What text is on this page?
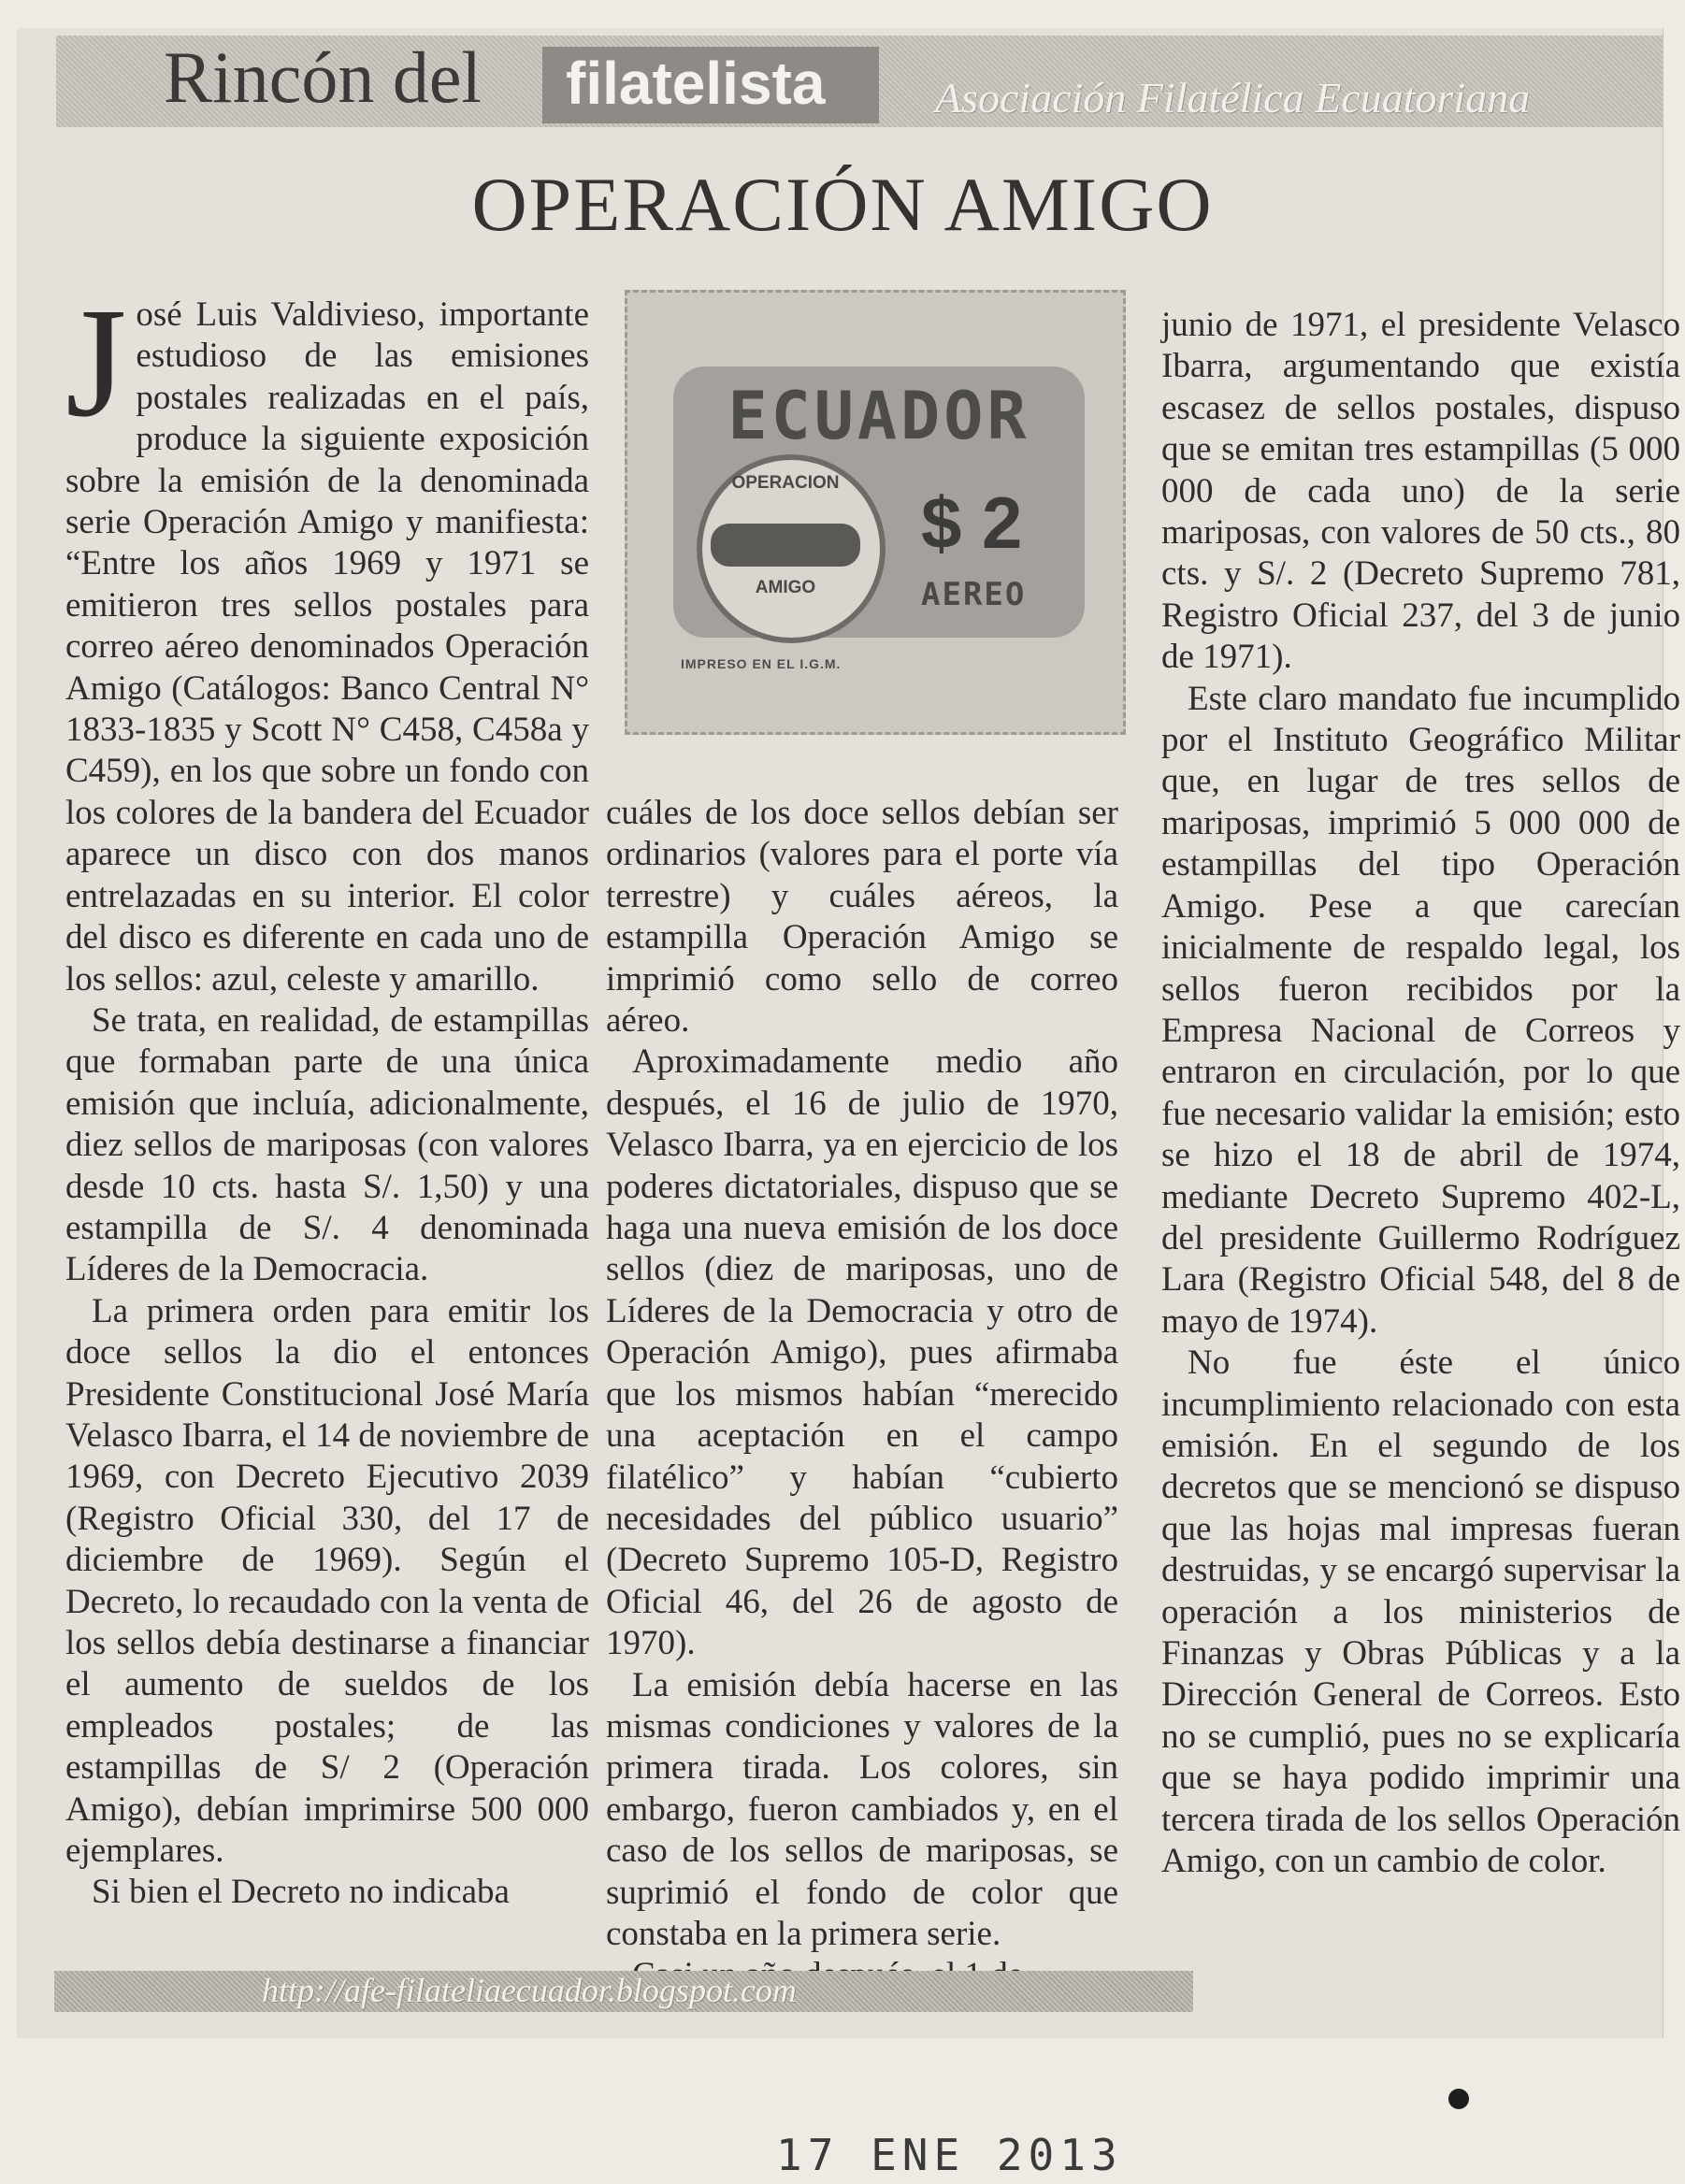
Rincón del filatelista	Asociación Filatélica Ecuatoriana
OPERACIÓN AMIGO
ECUADOR
OPERACION
AMIGO
$ 2
AEREO
IMPRESO EN EL I.G.M.

José Luis Valdivieso, importante estudioso de las emisiones postales realizadas en el país, produce la siguiente exposición sobre la emisión de la denominada serie Operación Amigo y manifiesta: “Entre los años 1969 y 1971 se emitieron tres sellos postales para correo aéreo denominados Operación Amigo (Catálogos: Banco Central N° 1833-1835 y Scott N° C458, C458a y C459), en los que sobre un fondo con los colores de la bandera del Ecuador aparece un disco con dos manos entrelazadas en su interior. El color del disco es diferente en cada uno de los sellos: azul, celeste y amarillo.

Se trata, en realidad, de estampillas que formaban parte de una única emisión que incluía, adicionalmente, diez sellos de mariposas (con valores desde 10 cts. hasta S/. 1,50) y una estampilla de S/. 4 denominada Líderes de la Democracia.

La primera orden para emitir los doce sellos la dio el entonces Presidente Constitucional José María Velasco Ibarra, el 14 de noviembre de 1969, con Decreto Ejecutivo 2039 (Registro Oficial 330, del 17 de diciembre de 1969). Según el Decreto, lo recaudado con la venta de los sellos debía destinarse a financiar el aumento de sueldos de los empleados postales; de las estampillas de S/ 2 (Operación Amigo), debían imprimirse 500 000 ejemplares.

Si bien el Decreto no indicaba

cuáles de los doce sellos debían ser ordinarios (valores para el porte vía terrestre) y cuáles aéreos, la estampilla Operación Amigo se imprimió como sello de correo aéreo.

Aproximadamente medio año después, el 16 de julio de 1970, Velasco Ibarra, ya en ejercicio de los poderes dictatoriales, dispuso que se haga una nueva emisión de los doce sellos (diez de mariposas, uno de Líderes de la Democracia y otro de Operación Amigo), pues afirmaba que los mismos habían “merecido una aceptación en el campo filatélico” y habían “cubierto necesidades del público usuario” (Decreto Supremo 105-D, Registro Oficial 46, del 26 de agosto de 1970).

La emisión debía hacerse en las mismas condiciones y valores de la primera tirada. Los colores, sin embargo, fueron cambiados y, en el caso de los sellos de mariposas, se suprimió el fondo de color que constaba en la primera serie.

junio de 1971, el presidente Velasco Ibarra, argumentando que existía escasez de sellos postales, dispuso que se emitan tres estampillas (5 000 000 de cada uno) de la serie mariposas, con valores de 50 cts., 80 cts. y S/. 2 (Decreto Supremo 781, Registro Oficial 237, del 3 de junio de 1971).

Este claro mandato fue incumplido por el Instituto Geográfico Militar que, en lugar de tres sellos de mariposas, imprimió 5 000 000 de estampillas del tipo Operación Amigo. Pese a que carecían inicialmente de respaldo legal, los sellos fueron recibidos por la Empresa Nacional de Correos y entraron en circulación, por lo que fue necesario validar la emisión; esto se hizo el 18 de abril de 1974, mediante Decreto Supremo 402-L, del presidente Guillermo Rodríguez Lara (Registro Oficial 548, del 8 de mayo de 1974).

No fue éste el único incumplimiento relacionado con esta emisión. En el segundo de los decretos que se mencionó se dispuso que las hojas mal impresas fueran destruidas, y se encargó supervisar la operación a los ministerios de Finanzas y Obras Públicas y a la Dirección General de Correos. Esto no se cumplió, pues no se explicaría que se haya podido imprimir una tercera tirada de los sellos Operación Amigo, con un cambio de color.

http://afe-filateliaecuador.blogspot.com
17 ENE 2013
